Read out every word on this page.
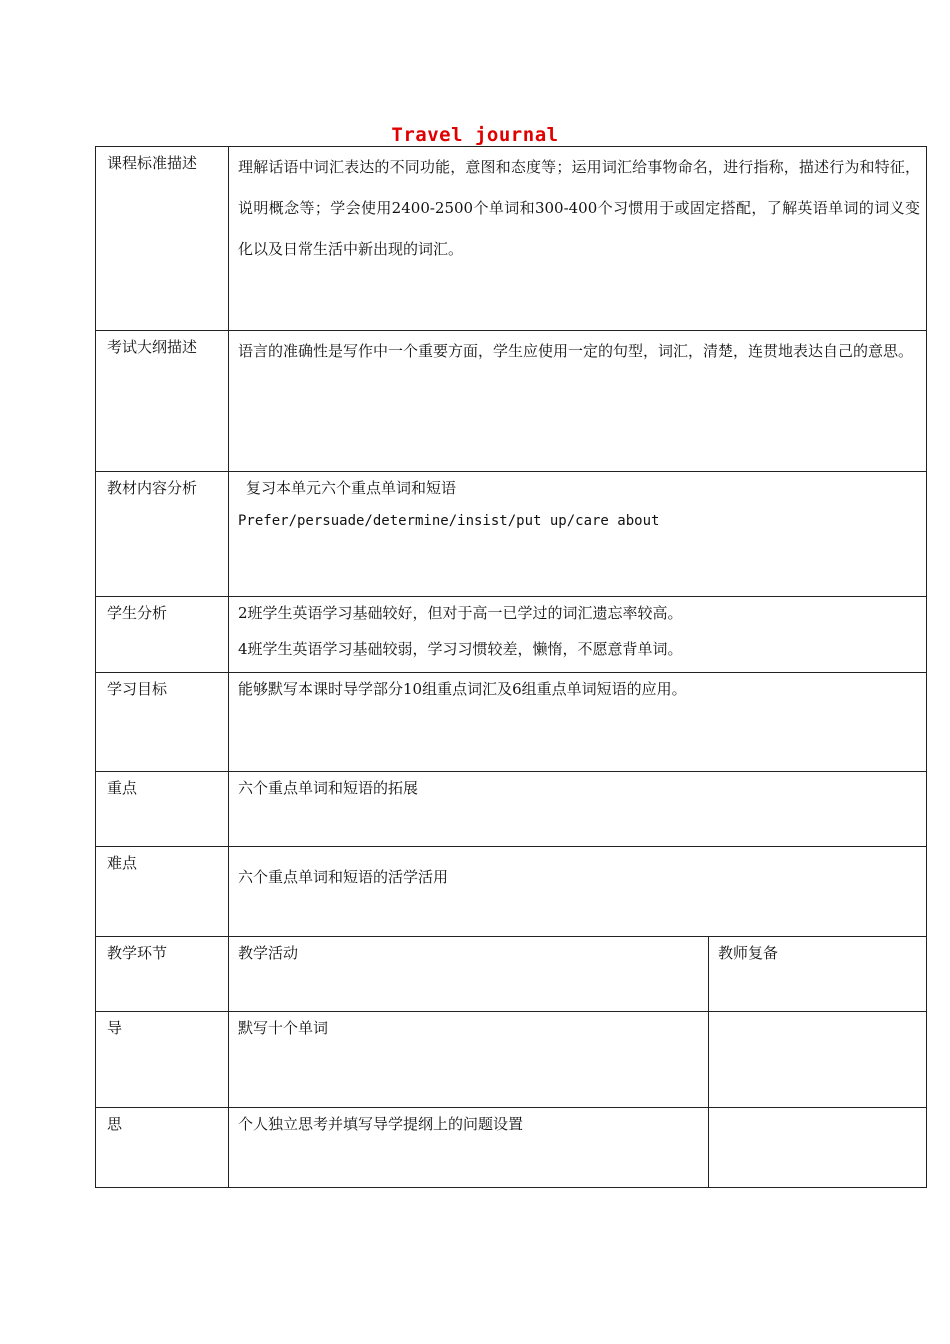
Travel journal
课程标准描述	理解话语中词汇表达的不同功能，意图和态度等；运用词汇给事物命名，进行指称，描述行为和特征，说明概念等；学会使用2400-2500个单词和300-400个习惯用于或固定搭配，了解英语单词的词义变化以及日常生活中新出现的词汇。	

考试大纲描述	语言的准确性是写作中一个重要方面，学生应使用一定的句型，词汇，清楚，连贯地表达自己的意思。	

教材内容分析	复习本单元六个重点单词和短语
Prefer/persuade/determine/insist/put up/care about	

学生分析	2班学生英语学习基础较好，但对于高一已学过的词汇遗忘率较高。
4班学生英语学习基础较弱，学习习惯较差，懒惰，不愿意背单词。	

学习目标	能够默写本课时导学部分10组重点词汇及6组重点单词短语的应用。	

重点	六个重点单词和短语的拓展	

难点	六个重点单词和短语的活学活用	

教学环节	教学活动	教师复备

导	默写十个单词	

思	个人独立思考并填写导学提纲上的问题设置	
